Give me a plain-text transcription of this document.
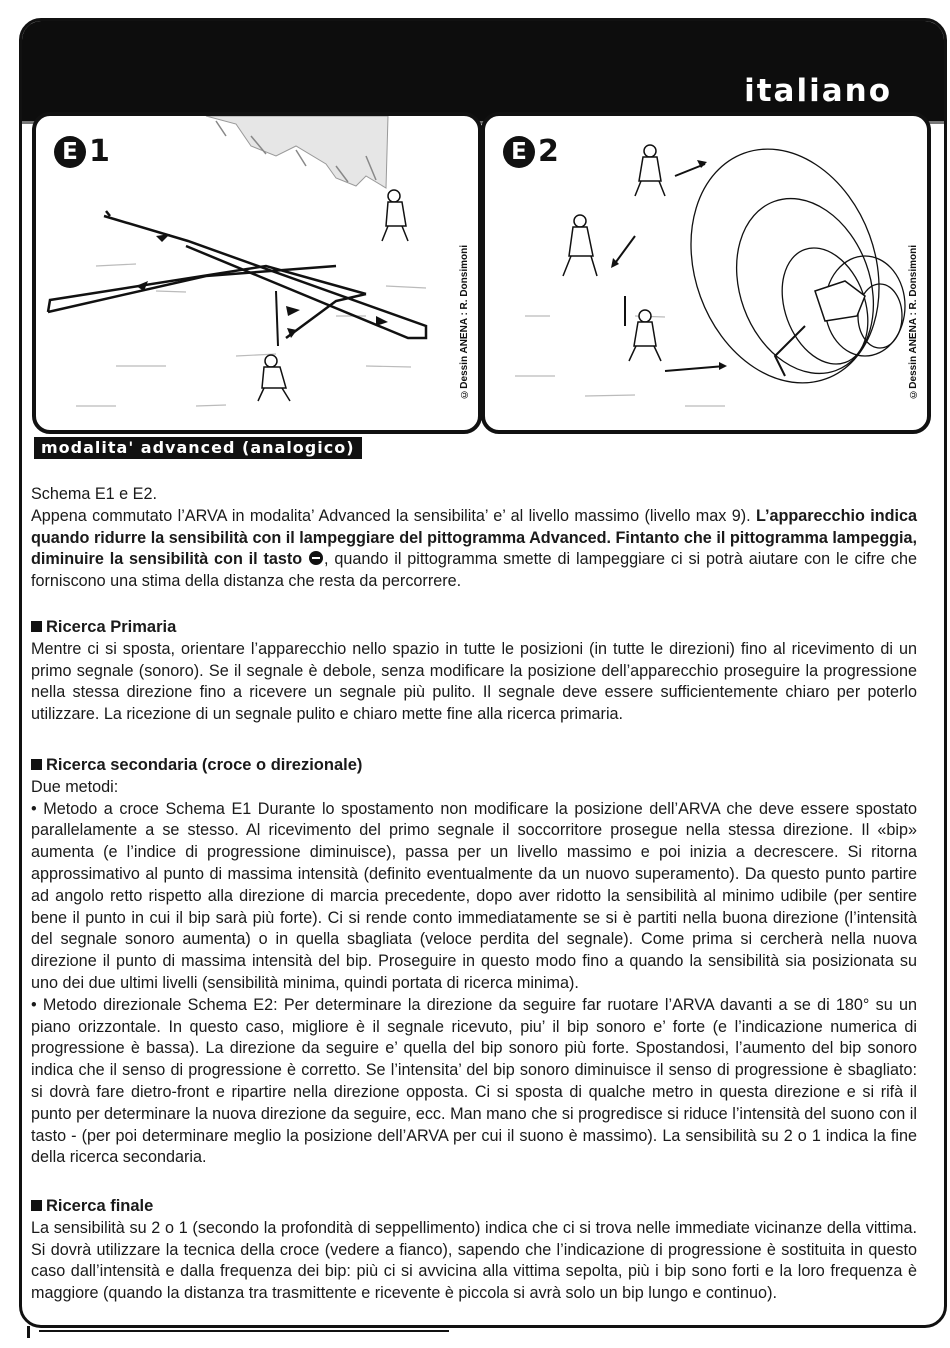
italiano
E 1
©Dessin ANENA : R. Donsimoni
E 2
©Dessin ANENA : R. Donsimoni
modalita' advanced (analogico)

Schema E1 e E2.

Appena commutato l’ARVA in modalita’ Advanced la sensibilita’ e’ al livello massimo (livello max 9). L’apparecchio indica quando ridurre la sensibilità con il lampeggiare del pittogramma Advanced. Fintanto che il pittogramma lampeggia, diminuire la sensibilità con il tasto , quando il pittogramma smette di lampeggiare ci si potrà aiutare con le cifre che forniscono una stima della distanza che resta da percorrere.

Ricerca Primaria

Mentre ci si sposta, orientare l’apparecchio nello spazio in tutte le posizioni (in tutte le direzioni) fino al ricevimento di un primo segnale (sonoro). Se il segnale è debole, senza modificare la posizione dell’apparecchio proseguire la progressione nella stessa direzione fino a ricevere un segnale più pulito. Il segnale deve essere sufficientemente chiaro per poterlo utilizzare. La ricezione di un segnale pulito e chiaro mette fine alla ricerca primaria.

Ricerca secondaria (croce o direzionale)

Due metodi:

• Metodo a croce Schema E1 Durante lo spostamento non modificare la posizione dell’ARVA che deve essere spostato parallelamente a se stesso. Al ricevimento del primo segnale il soccorritore prosegue nella stessa direzione. Il «bip» aumenta (e l’indice di progressione diminuisce), passa per un livello massimo e poi inizia a decrescere. Si ritorna approssimativo al punto di massima intensità (definito eventualmente da un nuovo superamento). Da questo punto partire ad angolo retto rispetto alla direzione di marcia precedente, dopo aver ridotto la sensibilità al minimo udibile (per sentire bene il punto in cui il bip sarà più forte). Ci si rende conto immediatamente se si è partiti nella buona direzione (l’intensità del segnale sonoro aumenta) o in quella sbagliata (veloce perdita del segnale). Come prima si cercherà nella nuova direzione il punto di massima intensità del bip. Proseguire in questo modo fino a quando la sensibilità sia posizionata su uno dei due ultimi livelli (sensibilità minima, quindi portata di ricerca minima).

• Metodo direzionale Schema E2: Per determinare la direzione da seguire far ruotare l’ARVA davanti a se di 180° su un piano orizzontale. In questo caso, migliore è il segnale ricevuto, piu’ il bip sonoro e’ forte (e l’indicazione numerica di progressione è bassa). La direzione da seguire e’ quella del bip sonoro più forte. Spostandosi, l’aumento del bip sonoro indica che il senso di progressione è corretto. Se l’intensita’ del bip sonoro diminuisce il senso di progressione è sbagliato: si dovrà fare dietro-front e ripartire nella direzione opposta. Ci si sposta di qualche metro in questa direzione e si rifà il punto per determinare la nuova direzione da seguire, ecc. Man mano che si progredisce si riduce l’intensità del suono con il tasto - (per poi determinare meglio la posizione dell’ARVA per cui il suono è massimo). La sensibilità su 2 o 1 indica la fine della ricerca secondaria.

Ricerca finale

La sensibilità su 2 o 1 (secondo la profondità di seppellimento) indica che ci si trova nelle immediate vicinanze della vittima. Si dovrà utilizzare la tecnica della croce (vedere a fianco), sapendo che l’indicazione di progressione è sostituita in questo caso dall’intensità e dalla frequenza dei bip: più ci si avvicina alla vittima sepolta, più i bip sono forti e la loro frequenza è maggiore (quando la distanza tra trasmittente e ricevente è piccola si avrà solo un bip lungo e continuo).
